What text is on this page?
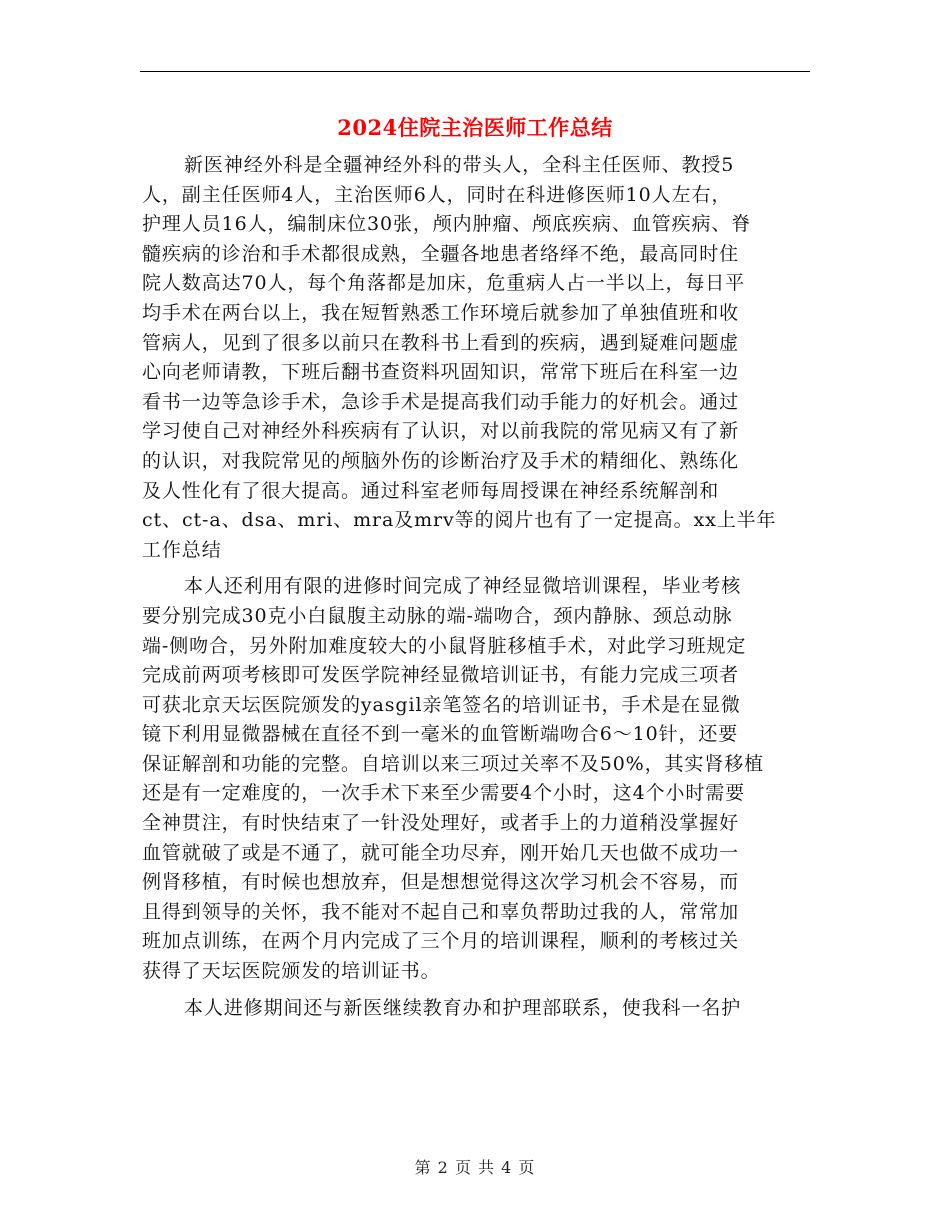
2024住院主治医师工作总结
新医神经外科是全疆神经外科的带头人，全科主任医师、教授5
人，副主任医师4人，主治医师6人，同时在科进修医师10人左右，
护理人员16人，编制床位30张，颅内肿瘤、颅底疾病、血管疾病、脊
髓疾病的诊治和手术都很成熟，全疆各地患者络绎不绝，最高同时住
院人数高达70人，每个角落都是加床，危重病人占一半以上，每日平
均手术在两台以上，我在短暂熟悉工作环境后就参加了单独值班和收
管病人，见到了很多以前只在教科书上看到的疾病，遇到疑难问题虚
心向老师请教，下班后翻书查资料巩固知识，常常下班后在科室一边
看书一边等急诊手术，急诊手术是提高我们动手能力的好机会。通过
学习使自己对神经外科疾病有了认识，对以前我院的常见病又有了新
的认识，对我院常见的颅脑外伤的诊断治疗及手术的精细化、熟练化
及人性化有了很大提高。通过科室老师每周授课在神经系统解剖和
ct、ct-a、dsa、mri、mra及mrv等的阅片也有了一定提高。xx上半年
工作总结
本人还利用有限的进修时间完成了神经显微培训课程，毕业考核
要分别完成30克小白鼠腹主动脉的端-端吻合，颈内静脉、颈总动脉
端-侧吻合，另外附加难度较大的小鼠肾脏移植手术，对此学习班规定
完成前两项考核即可发医学院神经显微培训证书，有能力完成三项者
可获北京天坛医院颁发的yasgil亲笔签名的培训证书，手术是在显微
镜下利用显微器械在直径不到一毫米的血管断端吻合6～10针，还要
保证解剖和功能的完整。自培训以来三项过关率不及50%，其实肾移植
还是有一定难度的，一次手术下来至少需要4个小时，这4个小时需要
全神贯注，有时快结束了一针没处理好，或者手上的力道稍没掌握好
血管就破了或是不通了，就可能全功尽弃，刚开始几天也做不成功一
例肾移植，有时候也想放弃，但是想想觉得这次学习机会不容易，而
且得到领导的关怀，我不能对不起自己和辜负帮助过我的人，常常加
班加点训练，在两个月内完成了三个月的培训课程，顺利的考核过关
获得了天坛医院颁发的培训证书。
本人进修期间还与新医继续教育办和护理部联系，使我科一名护
第 2 页 共 4 页
